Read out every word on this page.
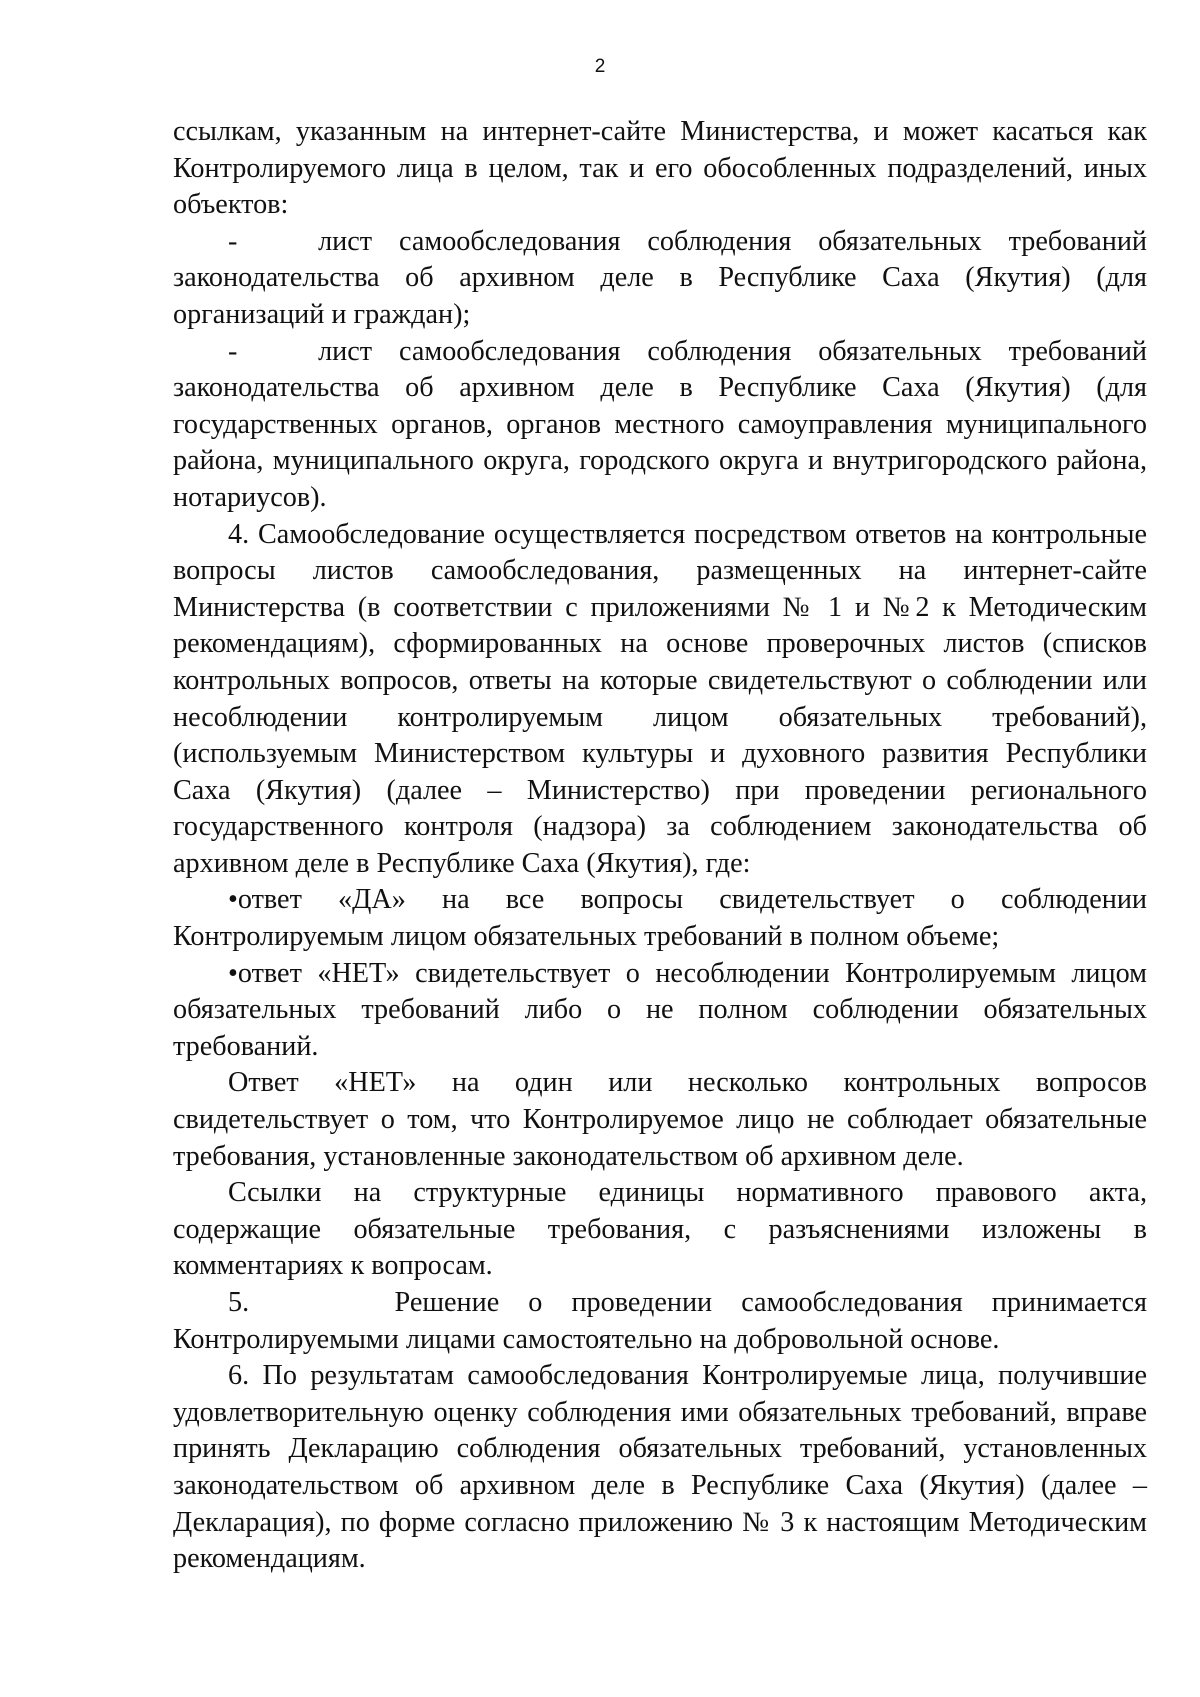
2

ссылкам, указанным на интернет-сайте Министерства, и может касаться как Контролируемого лица в целом, так и его обособленных подразделений, иных объектов:

-   лист самообследования соблюдения обязательных требований законодательства об архивном деле в Республике Саха (Якутия) (для организаций и граждан);

-   лист самообследования соблюдения обязательных требований законодательства об архивном деле в Республике Саха (Якутия) (для государственных органов, органов местного самоуправления муниципального района, муниципального округа, городского округа и внутригородского района, нотариусов).

4. Самообследование осуществляется посредством ответов на контрольные вопросы листов самообследования, размещенных на интернет-сайте Министерства (в соответствии с приложениями № 1 и №2 к Методическим рекомендациям), сформированных на основе проверочных листов (списков контрольных вопросов, ответы на которые свидетельствуют о соблюдении или несоблюдении контролируемым лицом обязательных требований), (используемым Министерством культуры и духовного развития Республики Саха (Якутия) (далее – Министерство) при проведении регионального государственного контроля (надзора) за соблюдением законодательства об архивном деле в Республике Саха (Якутия), где:

•ответ «ДА» на все вопросы свидетельствует о соблюдении Контролируемым лицом обязательных требований в полном объеме;

•ответ «НЕТ» свидетельствует о несоблюдении Контролируемым лицом обязательных требований либо о не полном соблюдении обязательных требований.

Ответ «НЕТ» на один или несколько контрольных вопросов свидетельствует о том, что Контролируемое лицо не соблюдает обязательные требования, установленные законодательством об архивном деле.

Ссылки на структурные единицы нормативного правового акта, содержащие обязательные требования, с разъяснениями изложены в комментариях к вопросам.

5.     Решение о проведении самообследования принимается Контролируемыми лицами самостоятельно на добровольной основе.

6. По результатам самообследования Контролируемые лица, получившие удовлетворительную оценку соблюдения ими обязательных требований, вправе принять Декларацию соблюдения обязательных требований, установленных законодательством об архивном деле в Республике Саха (Якутия) (далее – Декларация), по форме согласно приложению № 3 к настоящим Методическим рекомендациям.
